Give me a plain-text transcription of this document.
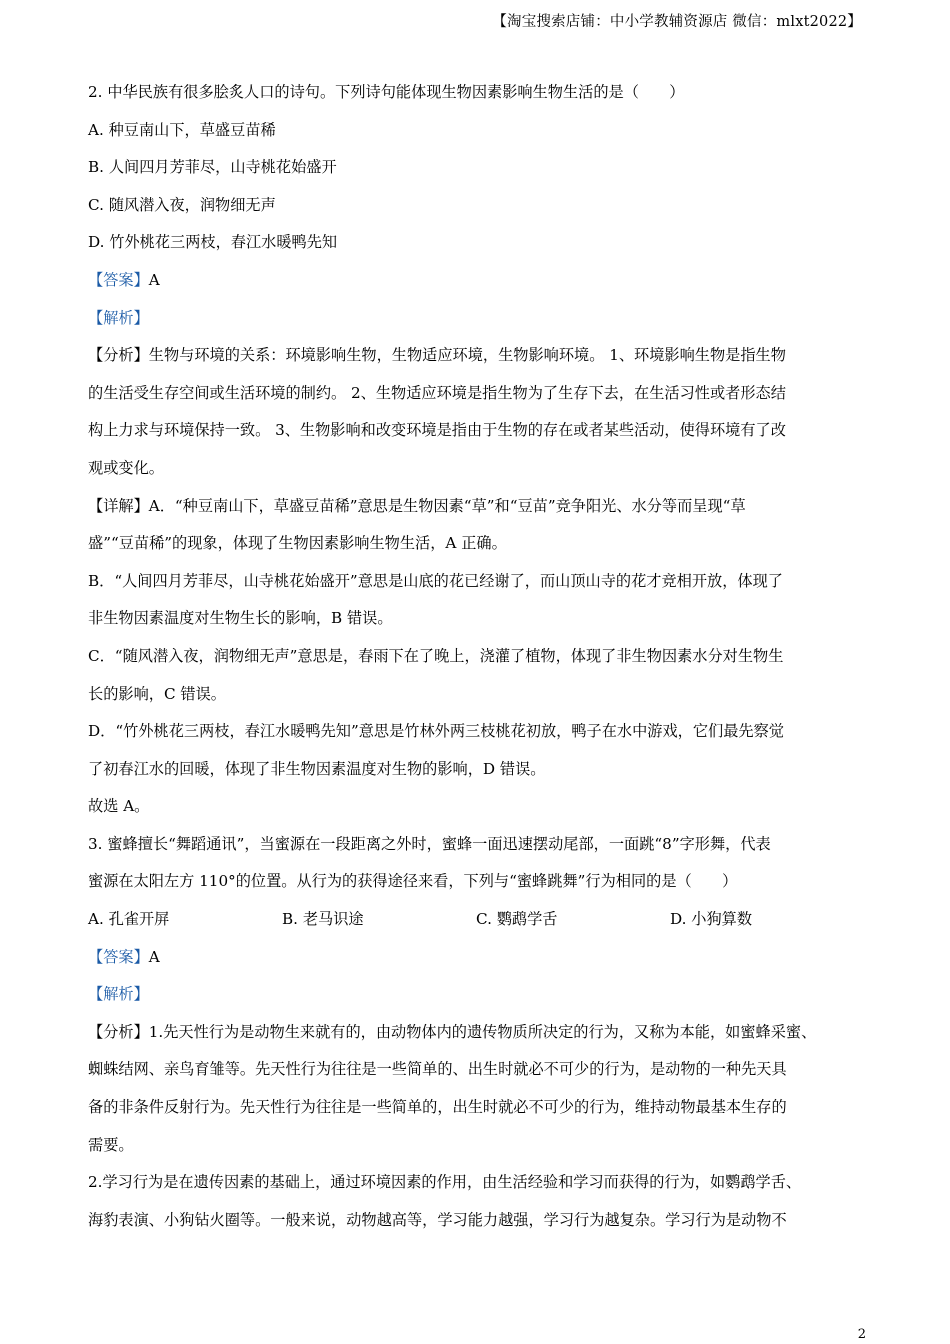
【淘宝搜索店铺：中小学教辅资源店 微信：mlxt2022】
2. 中华民族有很多脍炙人口的诗句。下列诗句能体现生物因素影响生物生活的是（　　）
A. 种豆南山下，草盛豆苗稀
B. 人间四月芳菲尽，山寺桃花始盛开
C. 随风潜入夜，润物细无声
D. 竹外桃花三两枝，春江水暖鸭先知
【答案】A
【解析】
【分析】生物与环境的关系：环境影响生物，生物适应环境，生物影响环境。 1、环境影响生物是指生物
的生活受生存空间或生活环境的制约。 2、生物适应环境是指生物为了生存下去，在生活习性或者形态结
构上力求与环境保持一致。 3、生物影响和改变环境是指由于生物的存在或者某些活动，使得环境有了改
观或变化。
【详解】A．“种豆南山下，草盛豆苗稀”意思是生物因素“草”和“豆苗”竞争阳光、水分等而呈现“草
盛”“豆苗稀”的现象，体现了生物因素影响生物生活，A 正确。
B．“人间四月芳菲尽，山寺桃花始盛开”意思是山底的花已经谢了，而山顶山寺的花才竞相开放，体现了
非生物因素温度对生物生长的影响，B 错误。
C．“随风潜入夜，润物细无声”意思是，春雨下在了晚上，浇灌了植物，体现了非生物因素水分对生物生
长的影响，C 错误。
D．“竹外桃花三两枝，春江水暖鸭先知”意思是竹林外两三枝桃花初放，鸭子在水中游戏，它们最先察觉
了初春江水的回暖，体现了非生物因素温度对生物的影响，D 错误。
故选 A。
3. 蜜蜂擅长“舞蹈通讯”，当蜜源在一段距离之外时，蜜蜂一面迅速摆动尾部，一面跳“8”字形舞，代表
蜜源在太阳左方 110°的位置。从行为的获得途径来看，下列与“蜜蜂跳舞”行为相同的是（　　）
A. 孔雀开屏	B. 老马识途	C. 鹦鹉学舌	D. 小狗算数
【答案】A
【解析】
【分析】1.先天性行为是动物生来就有的，由动物体内的遗传物质所决定的行为，又称为本能，如蜜蜂采蜜、
蜘蛛结网、亲鸟育雏等。先天性行为往往是一些简单的、出生时就必不可少的行为，是动物的一种先天具
备的非条件反射行为。先天性行为往往是一些简单的，出生时就必不可少的行为，维持动物最基本生存的
需要。
2.学习行为是在遗传因素的基础上，通过环境因素的作用，由生活经验和学习而获得的行为，如鹦鹉学舌、
海豹表演、小狗钻火圈等。一般来说，动物越高等，学习能力越强，学习行为越复杂。学习行为是动物不
2
